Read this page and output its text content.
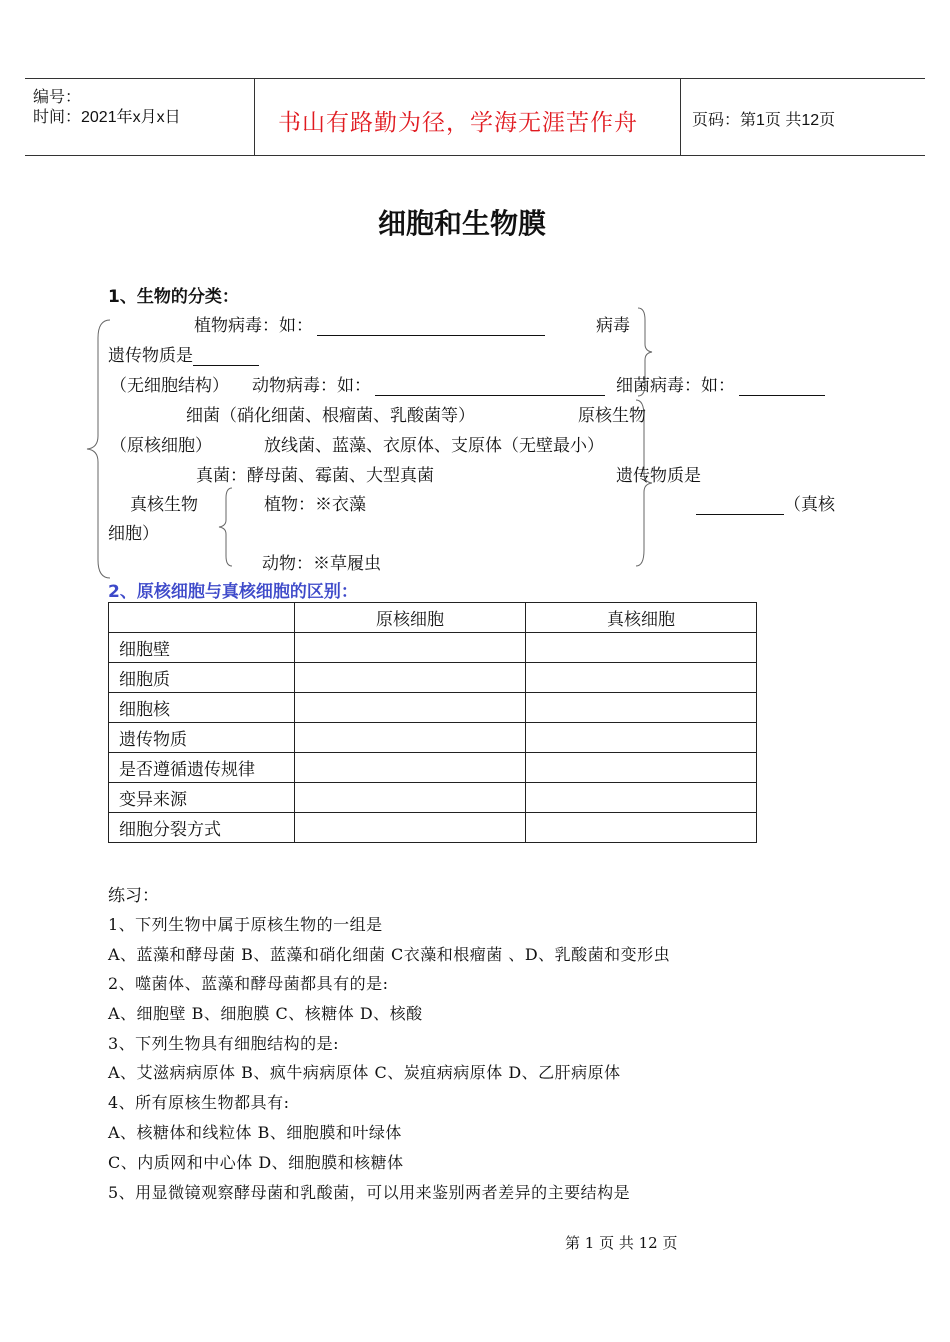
编号：
时间：2021年x月x日	书山有路勤为径，学海无涯苦作舟	页码：第1页 共12页
细胞和生物膜
1、生物的分类：
植物病毒：如：	病毒
遗传物质是
（无细胞结构） 动物病毒：如：	细菌病毒：如：
细菌（硝化细菌、根瘤菌、乳酸菌等）	原核生物
（原核细胞）	放线菌、蓝藻、衣原体、支原体（无壁最小）
真菌：酵母菌、霉菌、大型真菌	遗传物质是
真核生物	植物：※衣藻	（真核
细胞）
动物：※草履虫
2、原核细胞与真核细胞的区别：
	原核细胞	真核细胞
细胞壁		
细胞质		
细胞核		
遗传物质		
是否遵循遗传规律		
变异来源		
细胞分裂方式		
练习：
1、下列生物中属于原核生物的一组是
A、蓝藻和酵母菌 B、蓝藻和硝化细菌 C衣藻和根瘤菌 、D、乳酸菌和变形虫
2、噬菌体、蓝藻和酵母菌都具有的是:
A、细胞壁 B、细胞膜 C、核糖体 D、核酸
3、下列生物具有细胞结构的是:
A、艾滋病病原体 B、疯牛病病原体 C、炭疽病病原体 D、乙肝病原体
4、所有原核生物都具有:
A、核糖体和线粒体 B、细胞膜和叶绿体
C、内质网和中心体 D、细胞膜和核糖体
5、用显微镜观察酵母菌和乳酸菌，可以用来鉴别两者差异的主要结构是
第 1 页 共 12 页
